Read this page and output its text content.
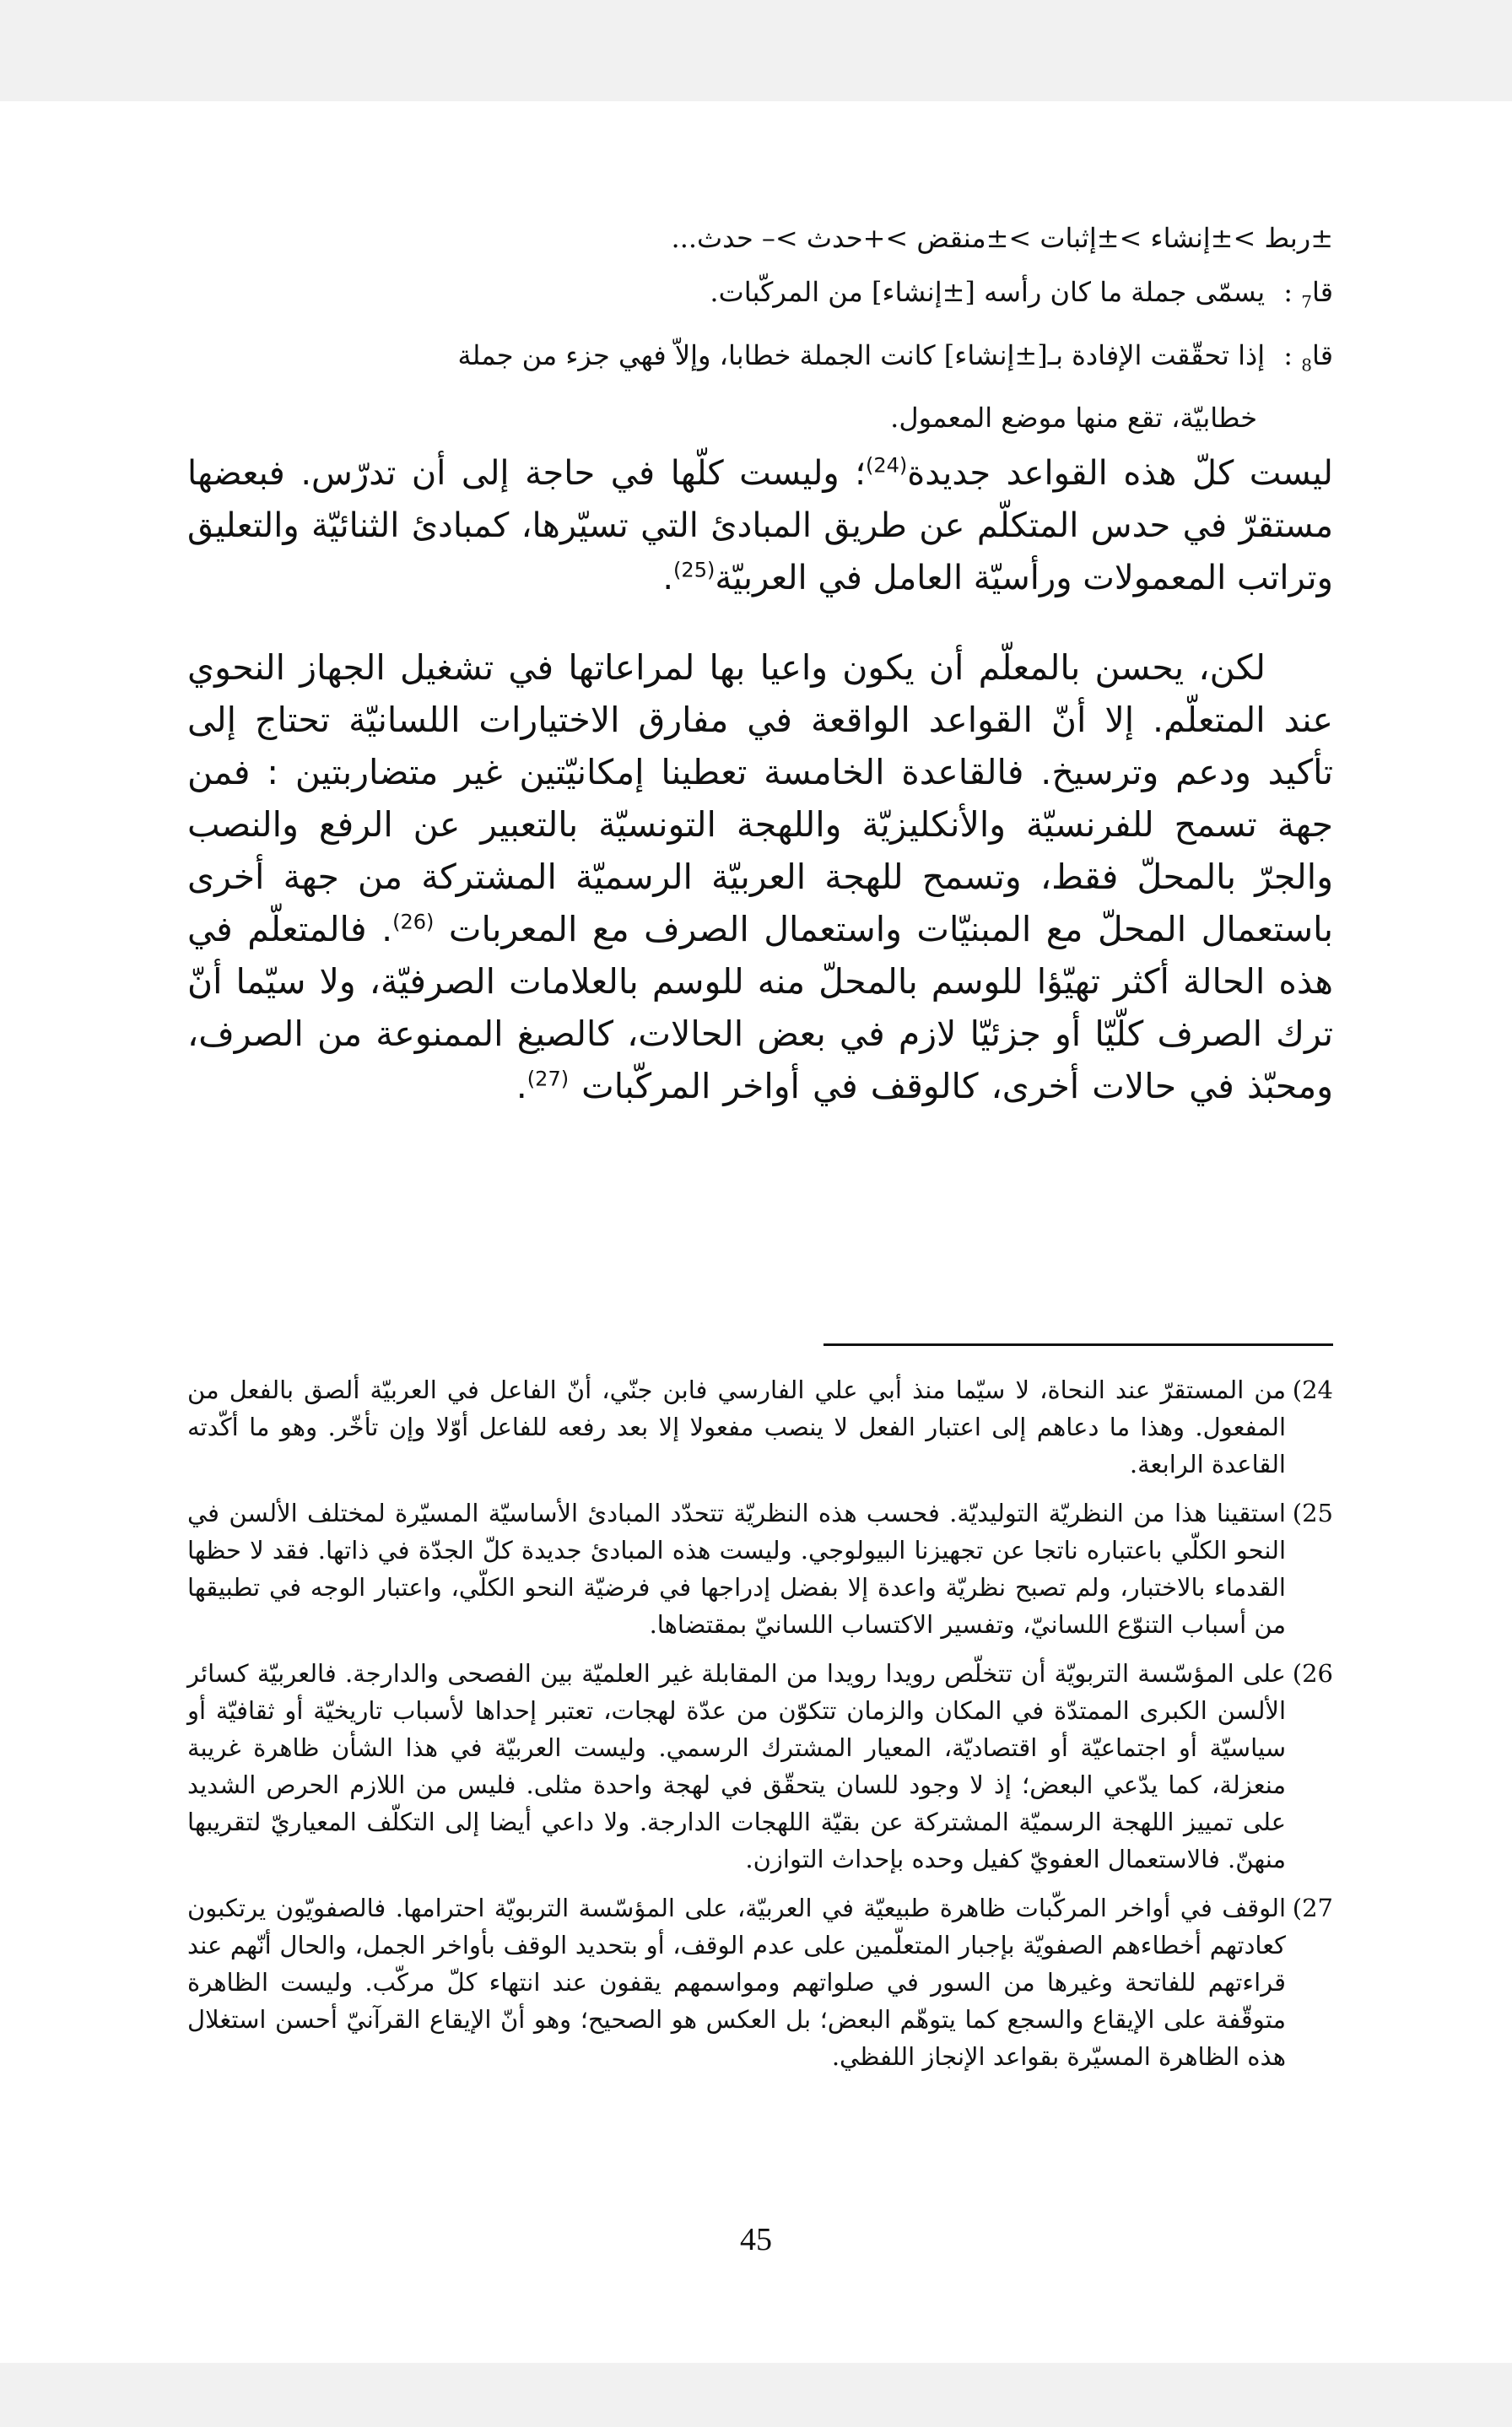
±ربط >±إنشاء >±إثبات >±منقض >+حدث >– حدث...
قا$_7$ : يسمّى جملة ما كان رأسه [±إنشاء] من المركّبات.
قا$_8$ : إذا تحقّقت الإفادة بـ[±إنشاء] كانت الجملة خطابا، وإلاّ فهي جزء من جملة
خطابيّة، تقع منها موضع المعمول.

ليست كلّ هذه القواعد جديدة$^{(24)}$؛ وليست كلّها في حاجة إلى أن تدرّس. فبعضها مستقرّ في حدس المتكلّم عن طريق المبادئ التي تسيّرها، كمبادئ الثنائيّة والتعليق وتراتب المعمولات ورأسيّة العامل في العربيّة$^{(25)}$.

لكن، يحسن بالمعلّم أن يكون واعيا بها لمراعاتها في تشغيل الجهاز النحوي عند المتعلّم. إلا أنّ القواعد الواقعة في مفارق الاختيارات اللسانيّة تحتاج إلى تأكيد ودعم وترسيخ. فالقاعدة الخامسة تعطينا إمكانيّتين غير متضاربتين : فمن جهة تسمح للفرنسيّة والأنكليزيّة واللهجة التونسيّة بالتعبير عن الرفع والنصب والجرّ بالمحلّ فقط، وتسمح للهجة العربيّة الرسميّة المشتركة من جهة أخرى باستعمال المحلّ مع المبنيّات واستعمال الصرف مع المعربات $^{(26)}$. فالمتعلّم في هذه الحالة أكثر تهيّؤا للوسم بالمحلّ منه للوسم بالعلامات الصرفيّة، ولا سيّما أنّ ترك الصرف كلّيّا أو جزئيّا لازم في بعض الحالات، كالصيغ الممنوعة من الصرف، ومحبّذ في حالات أخرى، كالوقف في أواخر المركّبات $^{(27)}$.

24)
من المستقرّ عند النحاة، لا سيّما منذ أبي علي الفارسي فابن جنّي، أنّ الفاعل في العربيّة ألصق بالفعل من المفعول. وهذا ما دعاهم إلى اعتبار الفعل لا ينصب مفعولا إلا بعد رفعه للفاعل أوّلا وإن تأخّر. وهو ما أكّدته القاعدة الرابعة.
25)
استقينا هذا من النظريّة التوليديّة. فحسب هذه النظريّة تتحدّد المبادئ الأساسيّة المسيّرة لمختلف الألسن في النحو الكلّي باعتباره ناتجا عن تجهيزنا البيولوجي. وليست هذه المبادئ جديدة كلّ الجدّة في ذاتها. فقد لا حظها القدماء بالاختبار، ولم تصبح نظريّة واعدة إلا بفضل إدراجها في فرضيّة النحو الكلّي، واعتبار الوجه في تطبيقها من أسباب التنوّع اللسانيّ، وتفسير الاكتساب اللسانيّ بمقتضاها.
26)
على المؤسّسة التربويّة أن تتخلّص رويدا رويدا من المقابلة غير العلميّة بين الفصحى والدارجة. فالعربيّة كسائر الألسن الكبرى الممتدّة في المكان والزمان تتكوّن من عدّة لهجات، تعتبر إحداها لأسباب تاريخيّة أو ثقافيّة أو سياسيّة أو اجتماعيّة أو اقتصاديّة، المعيار المشترك الرسمي. وليست العربيّة في هذا الشأن ظاهرة غريبة منعزلة، كما يدّعي البعض؛ إذ لا وجود للسان يتحقّق في لهجة واحدة مثلى. فليس من اللازم الحرص الشديد على تمييز اللهجة الرسميّة المشتركة عن بقيّة اللهجات الدارجة. ولا داعي أيضا إلى التكلّف المعياريّ لتقريبها منهنّ. فالاستعمال العفويّ كفيل وحده بإحداث التوازن.
27)
الوقف في أواخر المركّبات ظاهرة طبيعيّة في العربيّة، على المؤسّسة التربويّة احترامها. فالصفويّون يرتكبون كعادتهم أخطاءهم الصفويّة بإجبار المتعلّمين على عدم الوقف، أو بتحديد الوقف بأواخر الجمل، والحال أنّهم عند قراءتهم للفاتحة وغيرها من السور في صلواتهم ومواسمهم يقفون عند انتهاء كلّ مركّب. وليست الظاهرة متوقّفة على الإيقاع والسجع كما يتوهّم البعض؛ بل العكس هو الصحيح؛ وهو أنّ الإيقاع القرآنيّ أحسن استغلال هذه الظاهرة المسيّرة بقواعد الإنجاز اللفظي.
45
